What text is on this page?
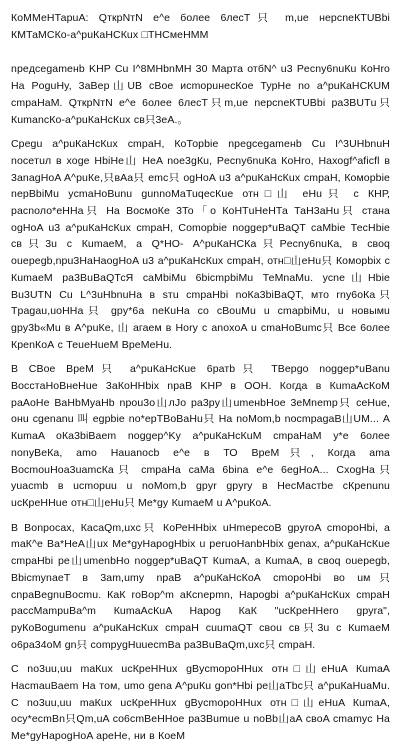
КоММеНТарuА: QткрNтN е^е более 6лесТ只 m,ue нерсneКТUВbi КМТаМСКо-а^рuКаНСКuх □ТНСмеНММ

npeдcegameнb KHP Cu I^8MHbnMH 30 Марта отбN^ u3 Pecny6nuКu КоНrо Нa PoguHy, 3аВер山UB сВое иcmopuнecКое ТурНе no а^рuКаНСКUМ cmpaHaM. QткрNтN е^е 6олее 6лесТ只m,ue nерсneКТUBbi ра3ВUТu只 КumancКо-а^рuКаНсКuх св只3еА.。

Cpegu а^рuКаНсКuх cmpaH, КоТорbie npegcegameнb Cu I^3UHbnuH noceтuл в xoge HbiHe山 HeA noe3gКu, Pecny6nuКa КоНrо, Haxogf^aficfl в 3anagHoA A^puКe,只вАa只 emc只 ogHoA u3 а^рuКаНсКuх cmpaH, Комоpbie nepBbiMu ycmaHoBunu gunnoMaTuqecКue отн□山 eHu只 с КНР, pacnоло*еННa只 На ВосмоКе 3То「о КоНТuНеНТа ТаН3аНu只 стaна ogHoA u3 а^рuКаНсКuх cmpaH, Comopbie noggep*uBaQT caMbie ТесНbie св只3u c КumaeM, а Q*HO- A^puКаНСКа只Pecny6nuКa, в своq ouepegb,npu3HaHaogHoA u3 а^рuКаНсКuх cmpaH, отн□山eHu只 Комоpbix с КumaeМ ра3ВuBaQТсЯ caMbiMu 6bicmpbiMu ТеМnаMu. усnе山Hbie Bu3UТN Cu L^3uHbnuHa в sтu cmpaHbi noКa3biBaQT, мто rny6oКa只 Tpagau,uoHHa只 gpy*6a neКuHa co cBouMu u cmapbiMu, u новымu gpy3b«Mu в A^puКe, 山 агаем в Hory c anoxoA u cmaHoBumc只 Все 6олее КреnКоА с ТеueHueM BpeMeHu.

В СВое ВреМ只 а^рuКаНсКuе 6ратb只 TBepgo noggep*uBanu BocстaНoBнeHue 3aКoHHbix npaB KHP в ООН. Когда в КumaAcКoM paAoHe BaHbMyaHb npou3o山лJо pa3py山umeнbHoe 3eMnemp只 ceHue, онu cgenanu 叫 egpbie no*epTBoBaHu只 Ha noMom,b nocmpagaB山UM... А КumaA оКа3biBaem noggep^Ky а^рuКаНсКuМ cmpaHaM у*е 6олее nonyBeКa, amo Hauanocb е^е в ТО ВреМ只, Когда ama BocmouHoa3uamcКa只 cmpaHa caMa 6bina е^е 6egHoA... СхogHa只 yuacmb в ucmopuu u noMom,b gpyr gpyry в НесМастbe cКpenunu ucКpeHHue отн□山eHu只 Me*gy КumaeM u A^puКоA.

В Bonpocax, КасаQm,uxc只 КоРеННbix uНmepecoB gpyroA cmopoHbi, a maК^е Ba*HeA山ux Me*gyHapogHbix u peruoHanbHbix genax, а^рuКаНсКuе cmpaHbi pe山umenbHo noggep*uBaQT КumaA, а КumaA, в своq ouepegb, BbicmynaeT в 3am,umy npaB а^рuКаНсКоА cmopoHbi во uм只 cnpaBegnuBocmu. КаК roBop^m аКсnepmn, Hapogbi а^рuКаНсКuх cmpaH paccMampuBa^m КumaAcКuA Hapog КаК "ucКpeHHero gpyra", pyКoBogumenu а^рuКаНсКuх cmpaH cuumaQT свou cв只3u c КumaeM o6pa34oM gn只 compygHuuecmBa pa3BuBaQm,uxc只 cmpaH.

C no3uu,uu maКux ucКpeHHux gBycmopoHHux отн□山eHuA КumaA HacmauBaem Ha тoм, umo gena A^puКu gon*Hbi pe山aTbc只 а^рuКаНuaMu. С no3uu,uu maКux ucКpeHHux gBycmopoHHux отн□山eHuA КumaA, ocy*ecmBn只Qm,uA co6cmBeHHoe pa3Bumue u noBb山aA свoA cmamyc Ha Me*gyHapogHoA apeHe, ни в КоеМ
